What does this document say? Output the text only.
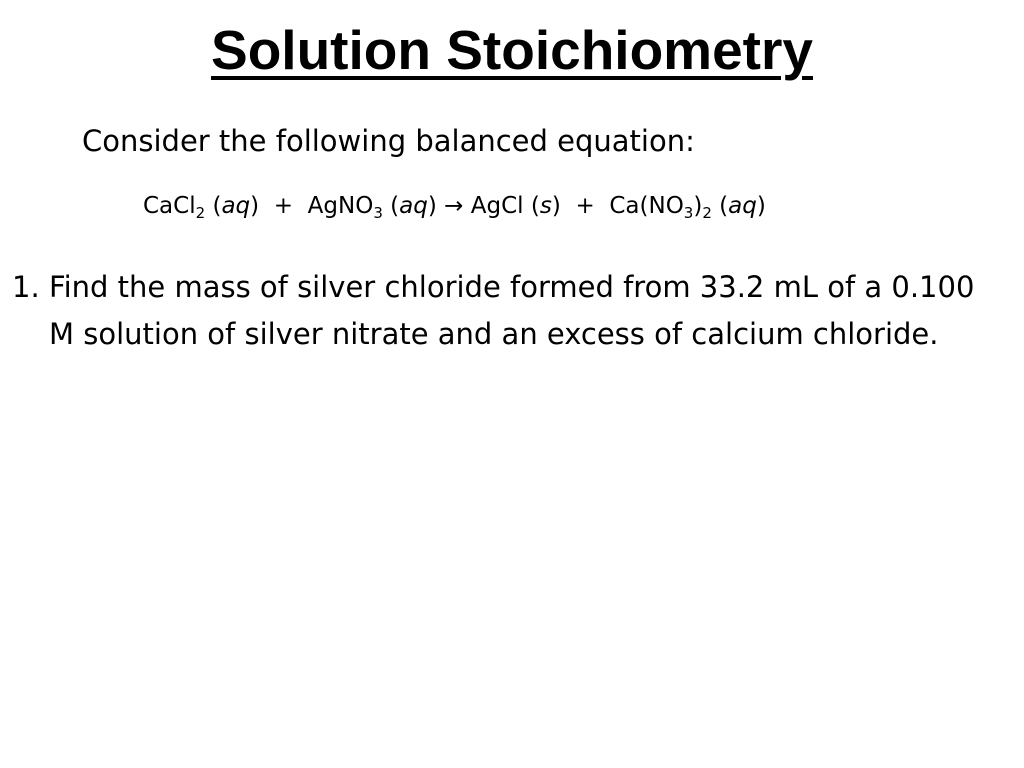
Solution Stoichiometry
Consider the following balanced equation:
CaCl$_2$ (aq)  + AgNO$_3$ (aq) → AgCl $(s) + Ca(NO_3)_2$ (aq)
1. Find the mass of silver chloride formed from 33.2 mL of a 0.100 M solution of silver nitrate and an excess of calcium chloride.
